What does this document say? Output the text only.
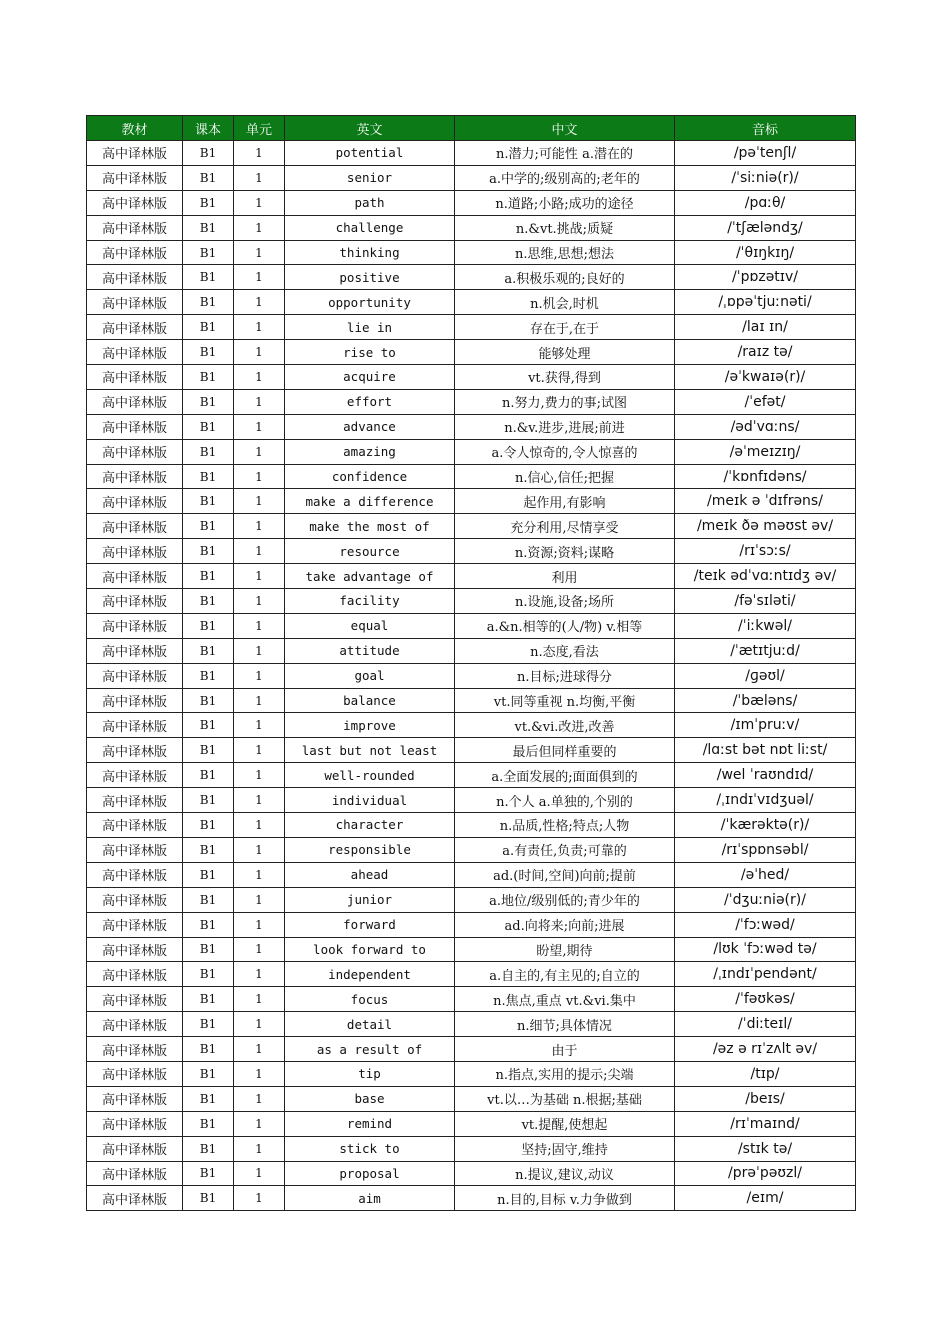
教材	课本	单元	英文	中文	音标
高中译林版	B1	1	potential	n.潜力;可能性 a.潜在的	/pəˈtenʃl/
高中译林版	B1	1	senior	a.中学的;级别高的;老年的	/ˈsiːniə(r)/
高中译林版	B1	1	path	n.道路;小路;成功的途径	/pɑːθ/
高中译林版	B1	1	challenge	n.&vt.挑战;质疑	/ˈtʃæləndʒ/
高中译林版	B1	1	thinking	n.思维,思想;想法	/ˈθɪŋkɪŋ/
高中译林版	B1	1	positive	a.积极乐观的;良好的	/ˈpɒzətɪv/
高中译林版	B1	1	opportunity	n.机会,时机	/ˌɒpəˈtjuːnəti/
高中译林版	B1	1	lie in	存在于,在于	/laɪ ɪn/
高中译林版	B1	1	rise to	能够处理	/raɪz tə/
高中译林版	B1	1	acquire	vt.获得,得到	/əˈkwaɪə(r)/
高中译林版	B1	1	effort	n.努力,费力的事;试图	/ˈefət/
高中译林版	B1	1	advance	n.&v.进步,进展;前进	/ədˈvɑːns/
高中译林版	B1	1	amazing	a.令人惊奇的,令人惊喜的	/əˈmeɪzɪŋ/
高中译林版	B1	1	confidence	n.信心,信任;把握	/ˈkɒnfɪdəns/
高中译林版	B1	1	make a difference	起作用,有影响	/meɪk ə ˈdɪfrəns/
高中译林版	B1	1	make the most of	充分利用,尽情享受	/meɪk ðə məʊst əv/
高中译林版	B1	1	resource	n.资源;资料;谋略	/rɪˈsɔːs/
高中译林版	B1	1	take advantage of	利用	/teɪk ədˈvɑːntɪdʒ əv/
高中译林版	B1	1	facility	n.设施,设备;场所	/fəˈsɪləti/
高中译林版	B1	1	equal	a.&n.相等的(人/物) v.相等	/ˈiːkwəl/
高中译林版	B1	1	attitude	n.态度,看法	/ˈætɪtjuːd/
高中译林版	B1	1	goal	n.目标;进球得分	/ɡəʊl/
高中译林版	B1	1	balance	vt.同等重视 n.均衡,平衡	/ˈbæləns/
高中译林版	B1	1	improve	vt.&vi.改进,改善	/ɪmˈpruːv/
高中译林版	B1	1	last but not least	最后但同样重要的	/lɑːst bət nɒt liːst/
高中译林版	B1	1	well-rounded	a.全面发展的;面面俱到的	/wel ˈraʊndɪd/
高中译林版	B1	1	individual	n.个人 a.单独的,个别的	/ˌɪndɪˈvɪdʒuəl/
高中译林版	B1	1	character	n.品质,性格;特点;人物	/ˈkærəktə(r)/
高中译林版	B1	1	responsible	a.有责任,负责;可靠的	/rɪˈspɒnsəbl/
高中译林版	B1	1	ahead	ad.(时间,空间)向前;提前	/əˈhed/
高中译林版	B1	1	junior	a.地位/级别低的;青少年的	/ˈdʒuːniə(r)/
高中译林版	B1	1	forward	ad.向将来;向前;进展	/ˈfɔːwəd/
高中译林版	B1	1	look forward to	盼望,期待	/lʊk ˈfɔːwəd tə/
高中译林版	B1	1	independent	a.自主的,有主见的;自立的	/ˌɪndɪˈpendənt/
高中译林版	B1	1	focus	n.焦点,重点 vt.&vi.集中	/ˈfəʊkəs/
高中译林版	B1	1	detail	n.细节;具体情况	/ˈdiːteɪl/
高中译林版	B1	1	as a result of	由于	/əz ə rɪˈzʌlt əv/
高中译林版	B1	1	tip	n.指点,实用的提示;尖端	/tɪp/
高中译林版	B1	1	base	vt.以…为基础 n.根据;基础	/beɪs/
高中译林版	B1	1	remind	vt.提醒,使想起	/rɪˈmaɪnd/
高中译林版	B1	1	stick to	坚持;固守,维持	/stɪk tə/
高中译林版	B1	1	proposal	n.提议,建议,动议	/prəˈpəʊzl/
高中译林版	B1	1	aim	n.目的,目标 v.力争做到	/eɪm/
